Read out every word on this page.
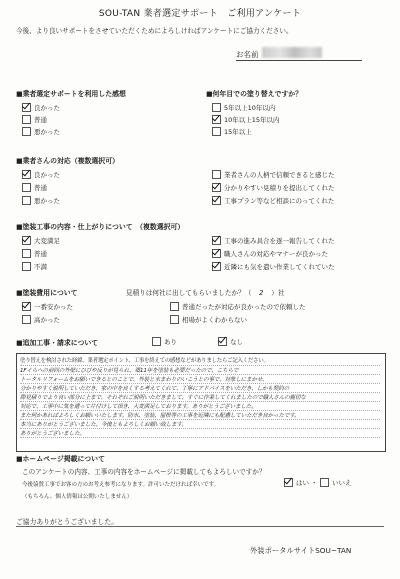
SOU-TAN 業者選定サポート　ご利用アンケート
今後、より良いサポートをさせていただくためによろしければアンケートにご協力ください。
お名前
■業者選定サポートを利用した感想
良かった
普通
悪かった
■何年目での塗り替えですか？
5年以上10年以内
10年以上15年以内
15年以上
■業者さんの対応（複数選択可）
良かった
普通
悪かった
業者さんの人柄で信頼できると感じた
分かりやすい見積りを提出してくれた
工事プラン等など相談にのってくれた
■塗装工事の内容・仕上がりについて　 （複数選択可）
大変満足
普通
不満
工事の進み具合を逐一報告してくれた
職人さんの対応やマナーが良かった
近隣にも気を遣い作業してくれていた
■塗装費用について	見積りは何社に出してもらいましたか？（ 2 ）社
一番安かった
高かった
普通だったが対応が良かったので依頼した
相場がよくわからない
■追加工事・請求について	あり	なし
塗り替えを検討された経緯、業者選定ポイント、工事を終えての感想などがありましたらご記入ください。
1Fイらへの前回の外壁にひびや反りが見られ、築11年を塗装も必要だったので、こちらで
トータルリフォームをお願いできるとのことで、外装と水まわりのいこうとの事で、対象しにまかせ、
分かりやすく説明していただき、家の中を良くする考えてくれて、丁寧にアドバイスをいただき、しかも契約の
際見積りでより良い部分に上まで、それぞれご説明いただきまして、すぐに作業してくれましたので職人さんの親切な
対応で、工事中に気を遣って片付けして頂き、大変満足しております。ありがとうございました。
また何かあればよろしくお願いいたします。防水、塗装、屋根等の工事を近隣にも配慮していただき良かったです。
本当にありがとうございました。今後ともよろしくお願い致します。
ありがとうございました。
■ホームページ掲載について
このアンケートの内容、工事の内容をホームページに掲載してもよろしいですか？
今後協賛工事でお客の方のお考え参考になります。許可いただければ幸いです。
（もちろん、個人情報は公開いたしません）
はい ・ いいえ
ご協力ありがとうございました。
外装ポータルサイトSOU−TAN
